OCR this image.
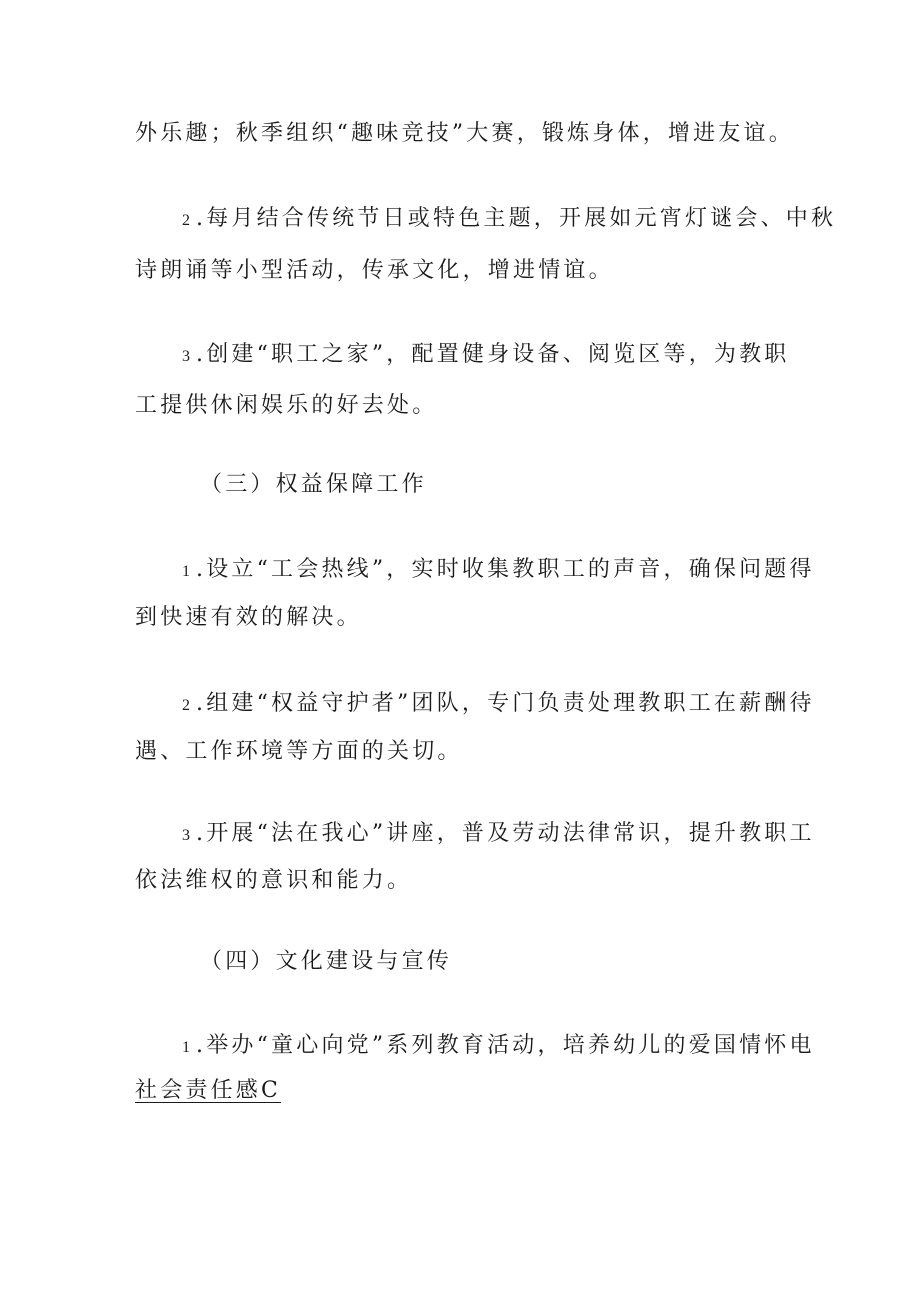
外乐趣；秋季组织“趣味竞技”大赛，锻炼身体，增进友谊。
2 .每月结合传统节日或特色主题，开展如元宵灯谜会、中秋
诗朗诵等小型活动，传承文化，增进情谊。
3 .创建“职工之家”，配置健身设备、阅览区等，为教职
工提供休闲娱乐的好去处。
（三）权益保障工作
1 .设立“工会热线”，实时收集教职工的声音，确保问题得
到快速有效的解决。
2 .组建“权益守护者”团队，专门负责处理教职工在薪酬待
遇、工作环境等方面的关切。
3 .开展“法在我心”讲座，普及劳动法律常识，提升教职工
依法维权的意识和能力。
（四）文化建设与宣传
1 .举办“童心向党”系列教育活动，培养幼儿的爱国情怀电
社会责任感C
